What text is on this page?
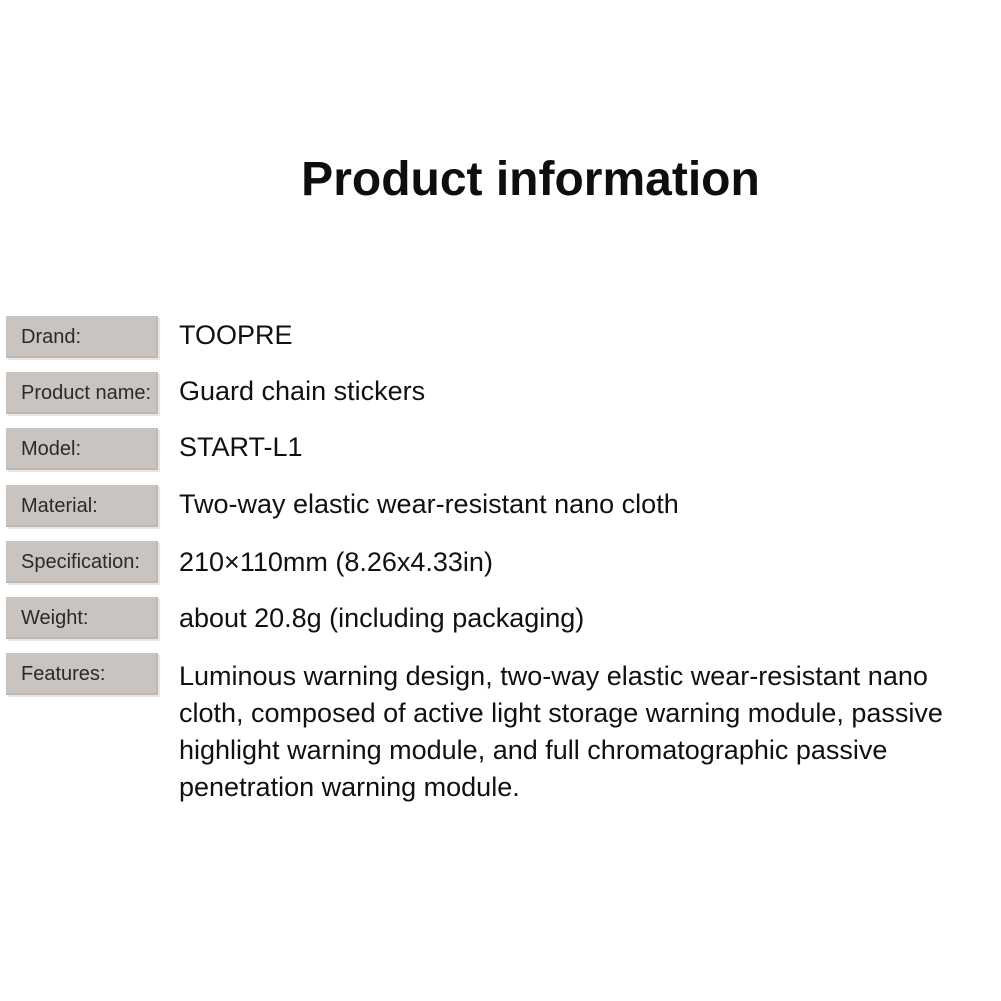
Product information
Drand:	TOOPRE
Product name: Guard chain stickers
Model:	START-L1
Material:	Two-way elastic wear-resistant nano cloth
Specification:	210×110mm (8.26x4.33in)
Weight:	about 20.8g (including packaging)
Features:	Luminous warning design, two-way elastic wear-resistant nano
cloth, composed of active light storage warning module, passive
highlight warning module, and full chromatographic passive
penetration warning module.
